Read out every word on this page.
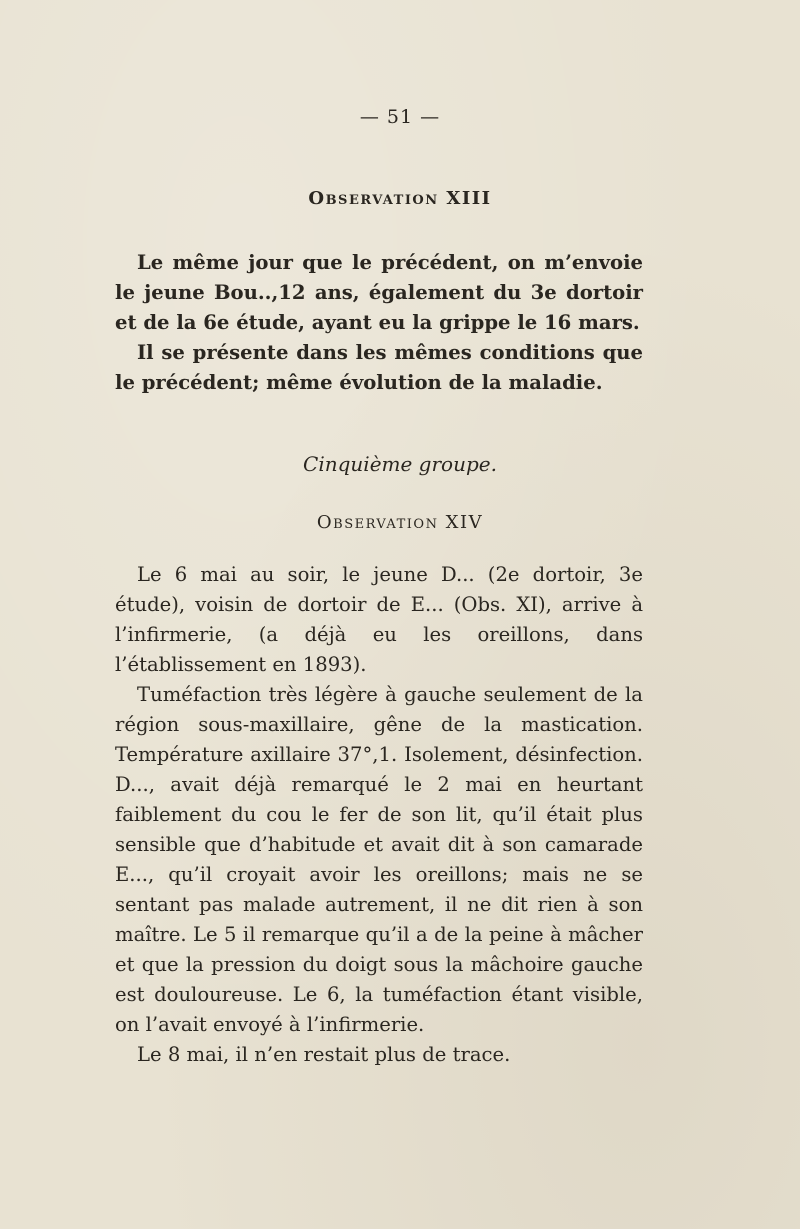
— 51 —
Observation XIII

Le même jour que le précédent, on m’envoie le jeune Bou..,12 ans, également du 3e dortoir et de la 6e étude, ayant eu la grippe le 16 mars.

Il se présente dans les mêmes conditions que le précédent; même évolution de la maladie.

Cinquième groupe.
Observation XIV

Le 6 mai au soir, le jeune D... (2e dortoir, 3e étude), voisin de dortoir de E... (Obs. XI), arrive à l’infirmerie, (a déjà eu les oreillons, dans l’établissement en 1893).

Tuméfaction très légère à gauche seulement de la région sous-maxillaire, gêne de la mastication. Température axillaire 37°,1. Isolement, désinfection. D..., avait déjà remarqué le 2 mai en heurtant faiblement du cou le fer de son lit, qu’il était plus sensible que d’habitude et avait dit à son camarade E..., qu’il croyait avoir les oreillons; mais ne se sentant pas malade autrement, il ne dit rien à son maître. Le 5 il remarque qu’il a de la peine à mâcher et que la pression du doigt sous la mâchoire gauche est douloureuse. Le 6, la tuméfaction étant visible, on l’avait envoyé à l’infirmerie.

Le 8 mai, il n’en restait plus de trace.
